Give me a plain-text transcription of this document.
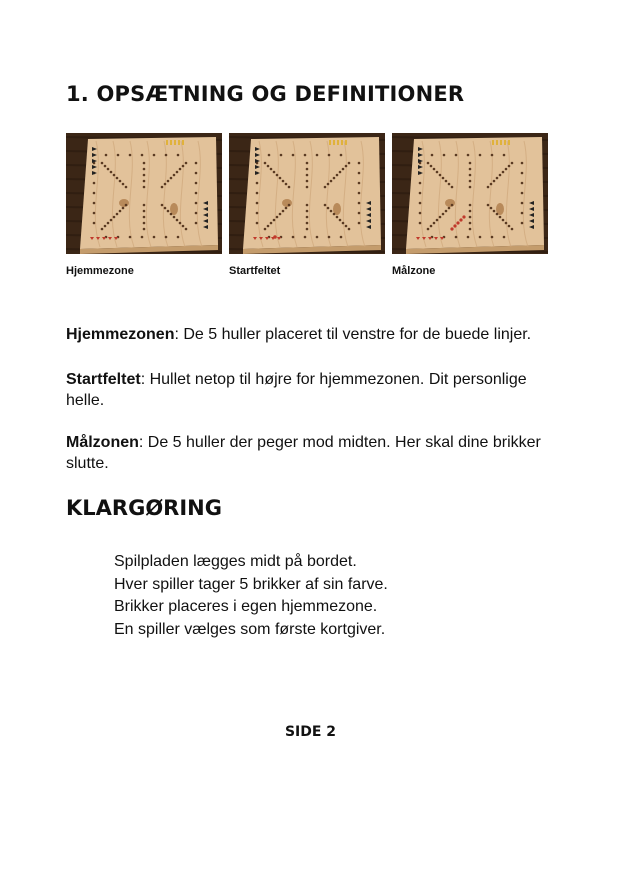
1. OPSÆTNING OG DEFINITIONER
Hjemmezone	Startfeltet	Målzone
Hjemmezonen: De 5 huller placeret til venstre for de buede linjer.
Startfeltet: Hullet netop til højre for hjemmezonen. Dit personlige helle.
Målzonen: De 5 huller der peger mod midten. Her skal dine brikker slutte.
KLARGØRING
Spilpladen lægges midt på bordet.
Hver spiller tager 5 brikker af sin farve.
Brikker placeres i egen hjemmezone.
En spiller vælges som første kortgiver.
SIDE 2
